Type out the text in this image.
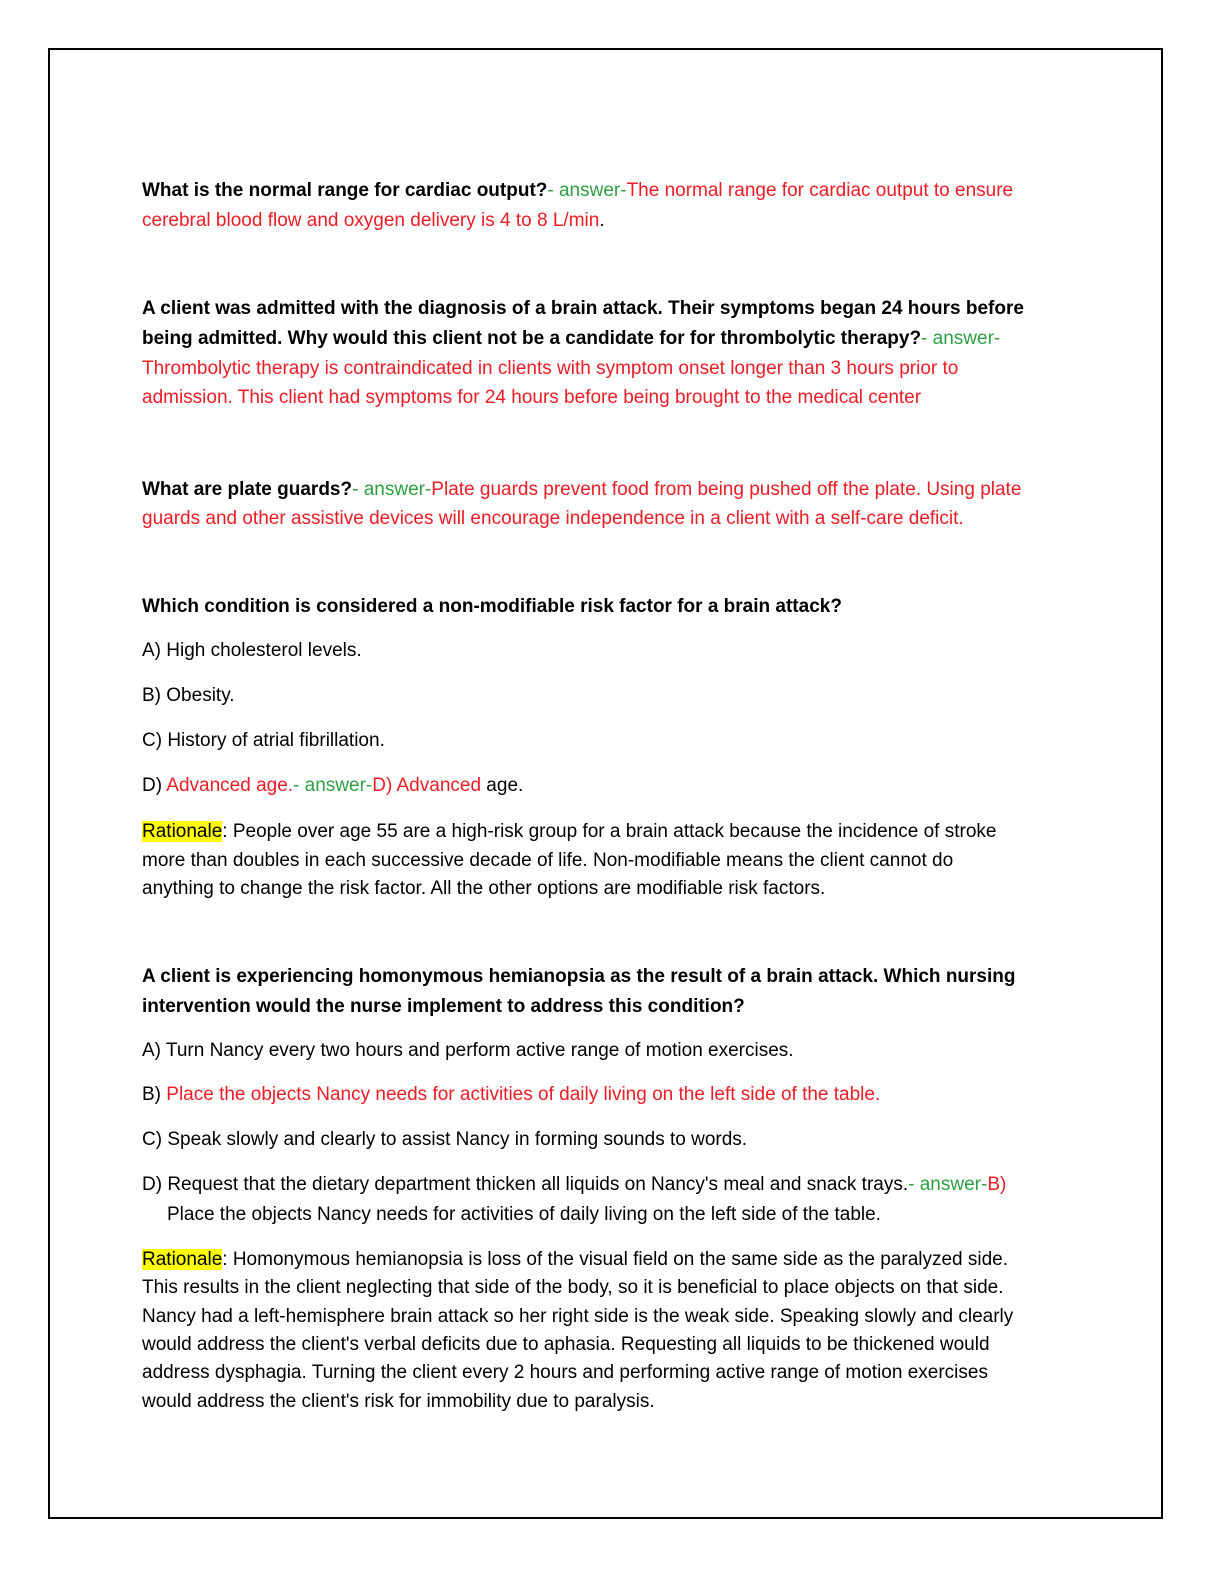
What is the normal range for cardiac output?- answer-The normal range for cardiac output to ensure
cerebral blood flow and oxygen delivery is 4 to 8 L/min.
A client was admitted with the diagnosis of a brain attack. Their symptoms began 24 hours before
being admitted. Why would this client not be a candidate for for thrombolytic therapy?- answer-
Thrombolytic therapy is contraindicated in clients with symptom onset longer than 3 hours prior to
admission. This client had symptoms for 24 hours before being brought to the medical center
What are plate guards?- answer-Plate guards prevent food from being pushed off the plate. Using plate
guards and other assistive devices will encourage independence in a client with a self-care deficit.
Which condition is considered a non-modifiable risk factor for a brain attack?
A) High cholesterol levels.
B) Obesity.
C) History of atrial fibrillation.
D) Advanced age.- answer-D) Advanced age.
Rationale: People over age 55 are a high-risk group for a brain attack because the incidence of stroke
more than doubles in each successive decade of life. Non-modifiable means the client cannot do
anything to change the risk factor. All the other options are modifiable risk factors.
A client is experiencing homonymous hemianopsia as the result of a brain attack. Which nursing
intervention would the nurse implement to address this condition?
A) Turn Nancy every two hours and perform active range of motion exercises.
B) Place the objects Nancy needs for activities of daily living on the left side of the table.
C) Speak slowly and clearly to assist Nancy in forming sounds to words.
D) Request that the dietary department thicken all liquids on Nancy's meal and snack trays.- answer-B)
Place the objects Nancy needs for activities of daily living on the left side of the table.
Rationale: Homonymous hemianopsia is loss of the visual field on the same side as the paralyzed side.
This results in the client neglecting that side of the body, so it is beneficial to place objects on that side.
Nancy had a left-hemisphere brain attack so her right side is the weak side. Speaking slowly and clearly
would address the client's verbal deficits due to aphasia. Requesting all liquids to be thickened would
address dysphagia. Turning the client every 2 hours and performing active range of motion exercises
would address the client's risk for immobility due to paralysis.
